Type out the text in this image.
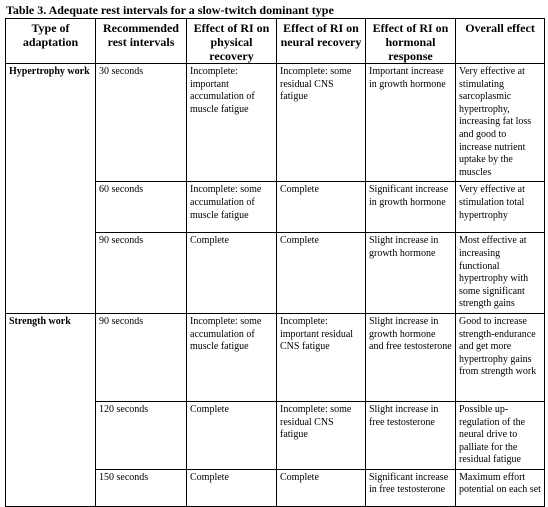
Table 3. Adequate rest intervals for a slow-twitch dominant type
Type of adaptation	Recommended rest intervals	Effect of RI on physical recovery	Effect of RI on neural recovery	Effect of RI on hormonal response	Overall effect
Hypertrophy work	30 seconds	Incomplete: important accumulation of muscle fatigue	Incomplete: some residual CNS fatigue	Important increase in growth hormone	Very effective at stimulating sarcoplasmic hypertrophy, increasing fat loss and good to increase nutrient uptake by the muscles
	60 seconds	Incomplete: some accumulation of muscle fatigue	Complete	Significant increase in growth hormone	Very effective at stimulation total hypertrophy
	90 seconds	Complete	Complete	Slight increase in growth hormone	Most effective at increasing functional hypertrophy with some significant strength gains
Strength work	90 seconds	Incomplete: some accumulation of muscle fatigue	Incomplete: important residual CNS fatigue	Slight increase in growth hormone and free testosterone	Good to increase strength-endurance and get more hypertrophy gains from strength work
	120 seconds	Complete	Incomplete: some residual CNS fatigue	Slight increase in free testosterone	Possible up-regulation of the neural drive to palliate for the residual fatigue
	150 seconds	Complete	Complete	Significant increase in free testosterone	Maximum effort potential on each set
